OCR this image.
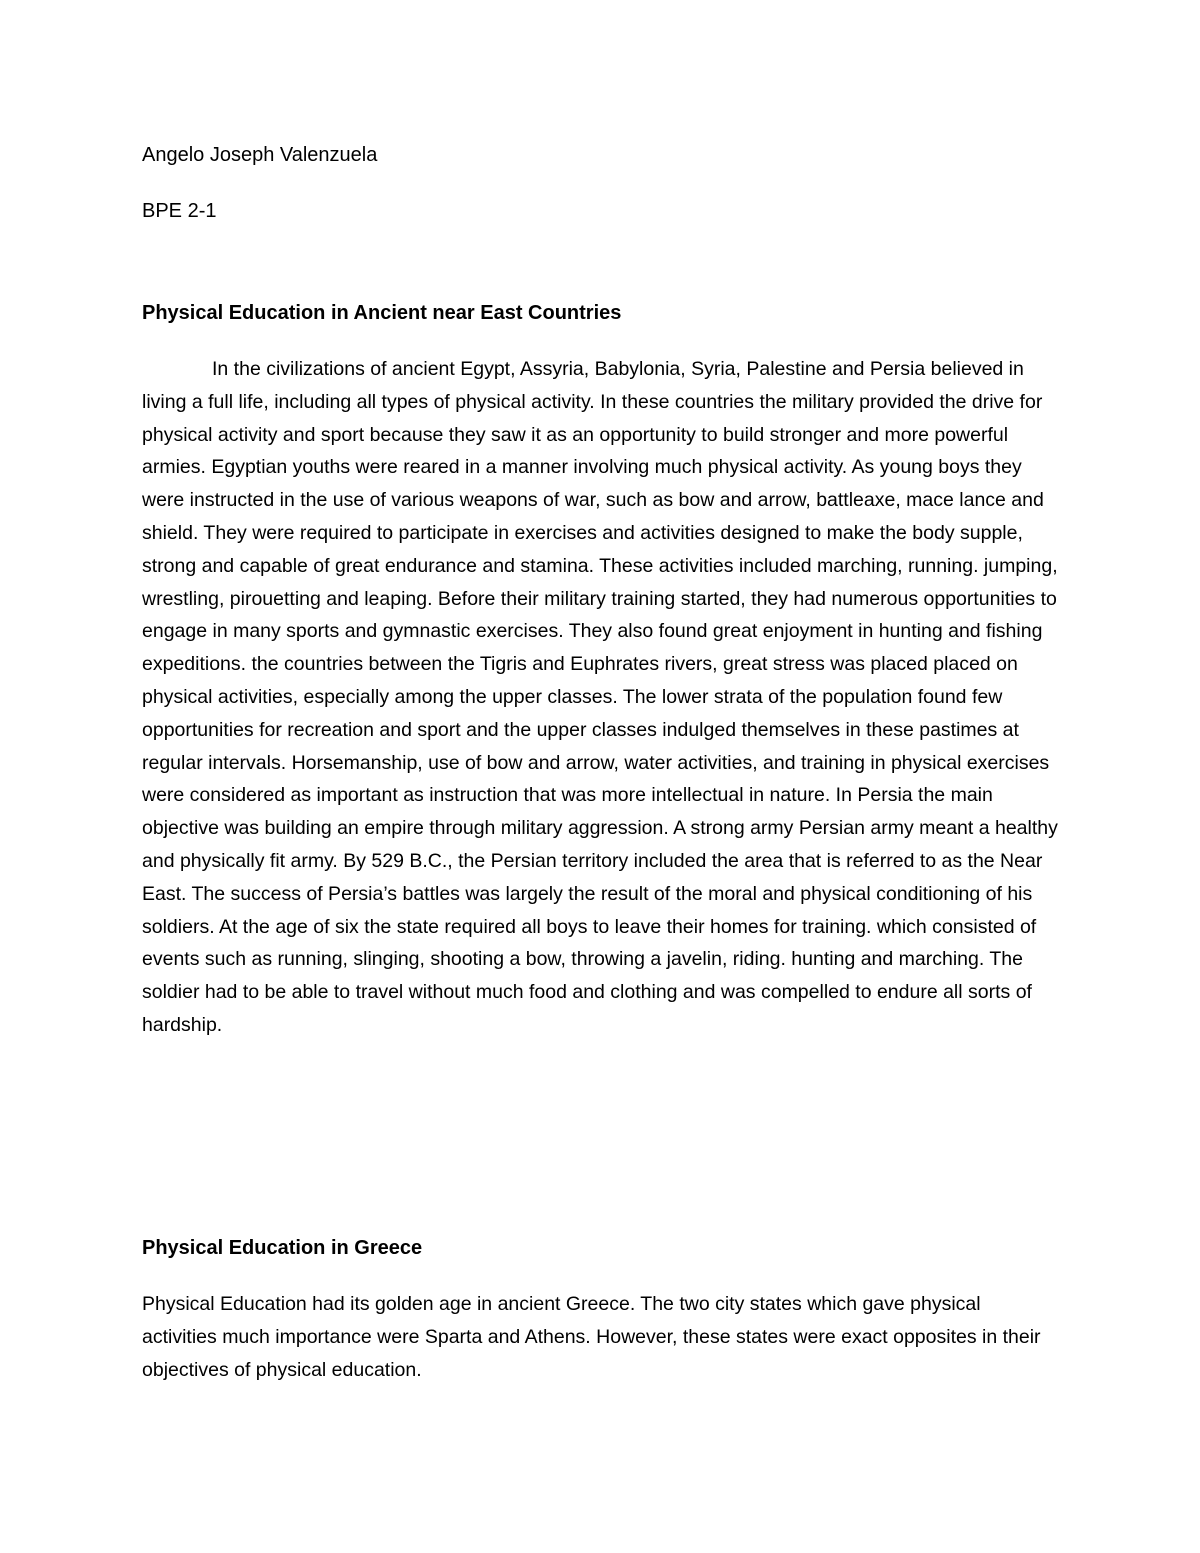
Angelo Joseph Valenzuela

BPE 2-1

Physical Education in Ancient near East Countries

In the civilizations of ancient Egypt, Assyria, Babylonia, Syria, Palestine and Persia believed in living a full life, including all types of physical activity. In these countries the military provided the drive for physical activity and sport because they saw it as an opportunity to build stronger and more powerful armies. Egyptian youths were reared in a manner involving much physical activity. As young boys they were instructed in the use of various weapons of war, such as bow and arrow, battleaxe, mace lance and shield. They were required to participate in exercises and activities designed to make the body supple, strong and capable of great endurance and stamina. These activities included marching, running. jumping, wrestling, pirouetting and leaping. Before their military training started, they had numerous opportunities to engage in many sports and gymnastic exercises. They also found great enjoyment in hunting and fishing expeditions. the countries between the Tigris and Euphrates rivers, great stress was placed placed on physical activities, especially among the upper classes. The lower strata of the population found few opportunities for recreation and sport and the upper classes indulged themselves in these pastimes at regular intervals. Horsemanship, use of bow and arrow, water activities, and training in physical exercises were considered as important as instruction that was more intellectual in nature. In Persia the main objective was building an empire through military aggression. A strong army Persian army meant a healthy and physically fit army. By 529 B.C., the Persian territory included the area that is referred to as the Near East. The success of Persia’s battles was largely the result of the moral and physical conditioning of his soldiers. At the age of six the state required all boys to leave their homes for training. which consisted of events such as running, slinging, shooting a bow, throwing a javelin, riding. hunting and marching. The soldier had to be able to travel without much food and clothing and was compelled to endure all sorts of hardship.

Physical Education in Greece

Physical Education had its golden age in ancient Greece. The two city states which gave physical activities much importance were Sparta and Athens. However, these states were exact opposites in their objectives of physical education.
